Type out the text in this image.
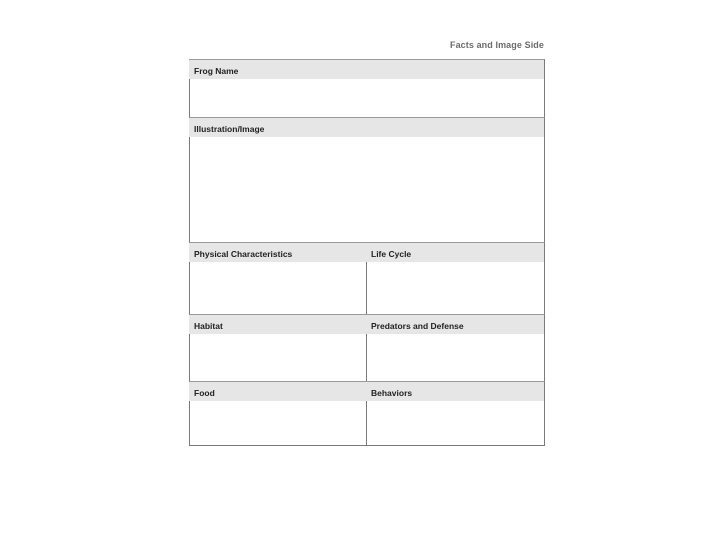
Facts and Image Side
Frog Name
Illustration/Image
Physical Characteristics	Life Cycle
Habitat	Predators and Defense
Food	Behaviors
